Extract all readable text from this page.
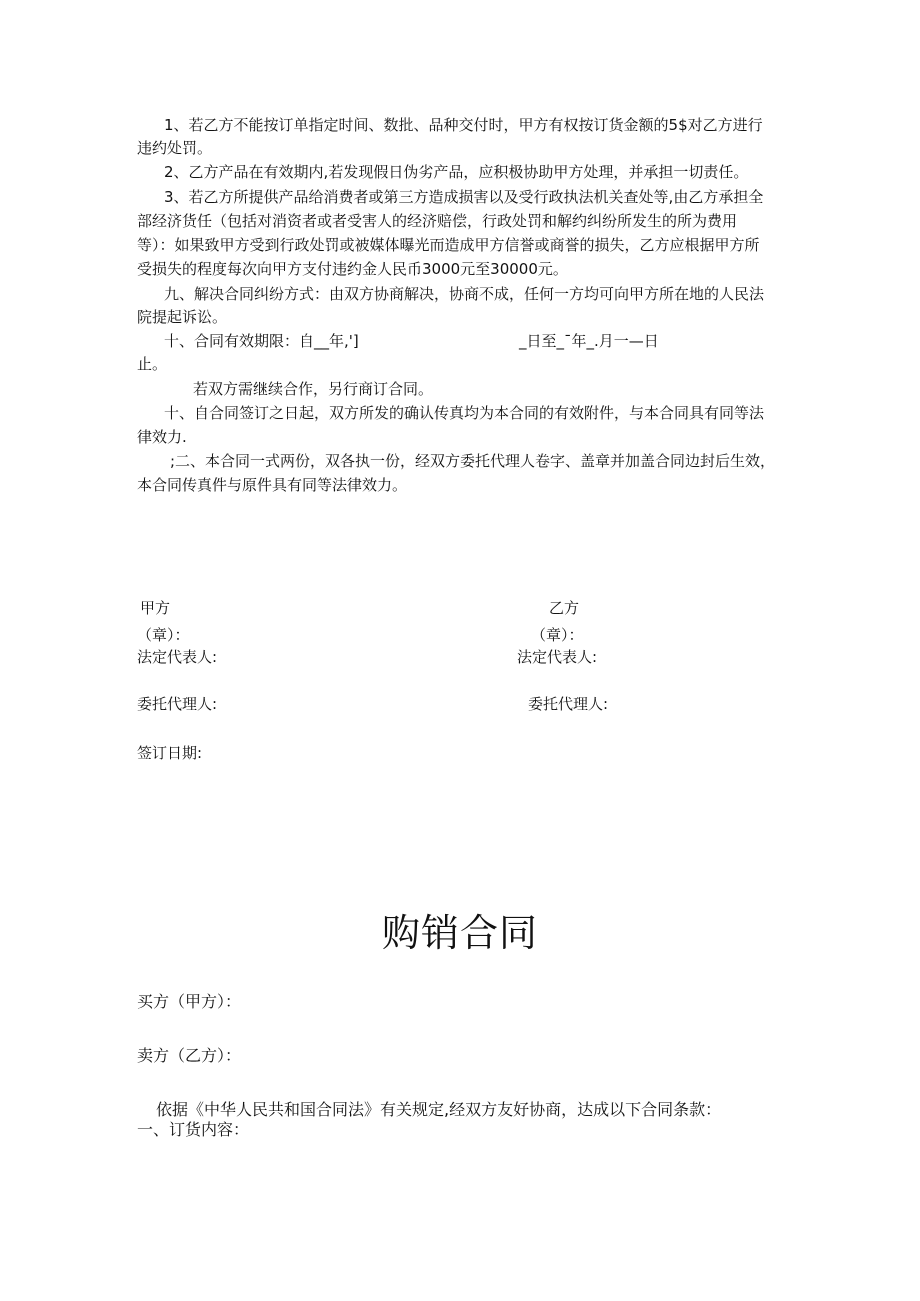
1、若乙方不能按订单指定时间、数批、品种交付时，甲方有权按订货金额的5$对乙方进行
违约处罚。
2、乙方产品在有效期内,若发现假日伪劣产品，应积极协助甲方处理，并承担一切责任。
3、若乙方所提供产品给消费者或第三方造成损害以及受行政执法机关查处等,由乙方承担全
部经济货任（包括对消资者或者受害人的经济赔偿，行政处罚和解约纠纷所发生的所为费用
等）：如果致甲方受到行政处罚或被媒体曝光而造成甲方信誉或商誉的损失，乙方应根据甲方所
受损失的程度每次向甲方支付违约金人民币3000元至30000元。
九、解决合同纠纷方式：由双方协商解决，协商不成，任何一方均可向甲方所在地的人民法
院提起诉讼。
十、合同有效期限：自__年,']	_日至_ˉ年_.月一—日
止。
若双方需继续合作，另行商订合同。
十、自合同签订之日起，双方所发的确认传真均为本合同的有效附件，与本合同具有同等法
律效力.
;二、本合同一式两份，双各执一份，经双方委托代理人卷字、盖章并加盖合同边封后生效，
本合同传真件与原件具有同等法律效力。
甲方	乙方
（章）：	（章）：
法定代表人:	法定代表人:
委托代理人:	委托代理人:
签订日期:
购销合同
买方（甲方）：
卖方（乙方）：
依据《中华人民共和国合同法》有关规定,经双方友好协商，达成以下合同条款：
一、订货内容：
